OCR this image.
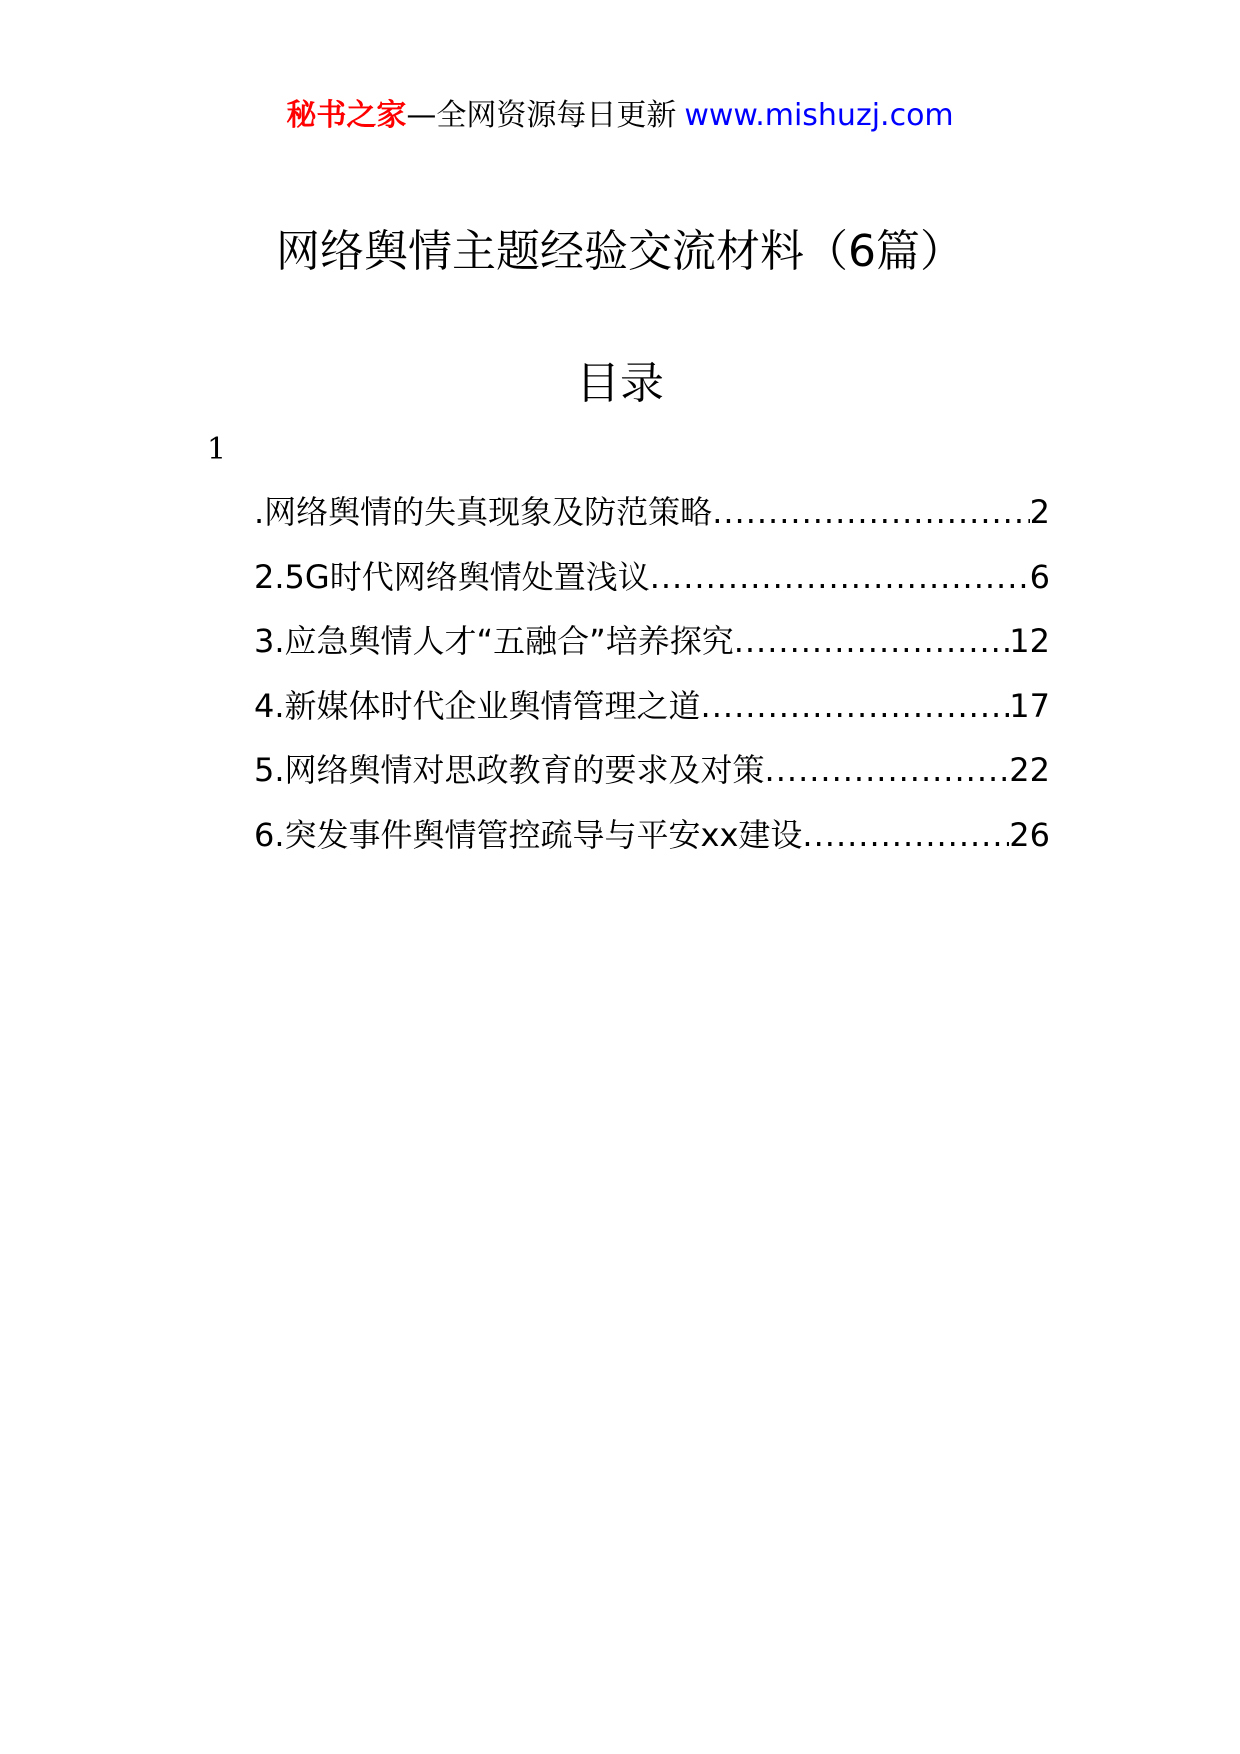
秘书之家—全网资源每日更新 www.mishuzj.com
网络舆情主题经验交流材料（6篇）
目录
1
.网络舆情的失真现象及防范策略 .....	2
2.5G时代网络舆情处置浅议 .....	6
3.应急舆情人才“五融合”培养探究 .....	12
4.新媒体时代企业舆情管理之道 .....	17
5.网络舆情对思政教育的要求及对策 .....	22
6.突发事件舆情管控疏导与平安xx建设 .....	26
